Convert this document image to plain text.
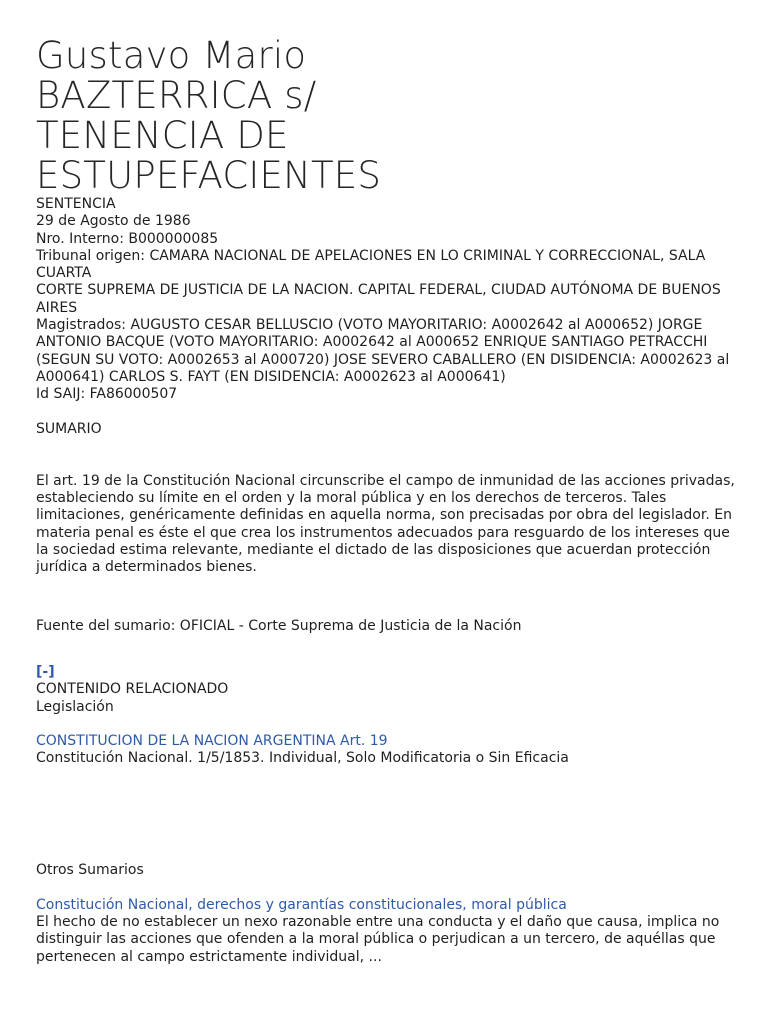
Gustavo Mario
BAZTERRICA s/
TENENCIA DE
ESTUPEFACIENTES
SENTENCIA
29 de Agosto de 1986
Nro. Interno: B000000085
Tribunal origen: CAMARA NACIONAL DE APELACIONES EN LO CRIMINAL Y CORRECCIONAL, SALA CUARTA
CORTE SUPREMA DE JUSTICIA DE LA NACION. CAPITAL FEDERAL, CIUDAD AUTÓNOMA DE BUENOS AIRES
Magistrados: AUGUSTO CESAR BELLUSCIO (VOTO MAYORITARIO: A0002642 al A000652) JORGE ANTONIO BACQUE (VOTO MAYORITARIO: A0002642 al A000652 ENRIQUE SANTIAGO PETRACCHI (SEGUN SU VOTO: A0002653 al A000720) JOSE SEVERO CABALLERO (EN DISIDENCIA: A0002623 al A000641) CARLOS S. FAYT (EN DISIDENCIA: A0002623 al A000641)
Id SAIJ: FA86000507
SUMARIO
El art. 19 de la Constitución Nacional circunscribe el campo de inmunidad de las acciones privadas, estableciendo su límite en el orden y la moral pública y en los derechos de terceros. Tales limitaciones, genéricamente definidas en aquella norma, son precisadas por obra del legislador. En materia penal es éste el que crea los instrumentos adecuados para resguardo de los intereses que la sociedad estima relevante, mediante el dictado de las disposiciones que acuerdan protección jurídica a determinados bienes.
Fuente del sumario: OFICIAL - Corte Suprema de Justicia de la Nación
[-]
CONTENIDO RELACIONADO
Legislación
CONSTITUCION DE LA NACION ARGENTINA Art. 19
Constitución Nacional. 1/5/1853. Individual, Solo Modificatoria o Sin Eficacia
Otros Sumarios
Constitución Nacional, derechos y garantías constitucionales, moral pública
El hecho de no establecer un nexo razonable entre una conducta y el daño que causa, implica no distinguir las acciones que ofenden a la moral pública o perjudican a un tercero, de aquéllas que pertenecen al campo estrictamente individual, ...
